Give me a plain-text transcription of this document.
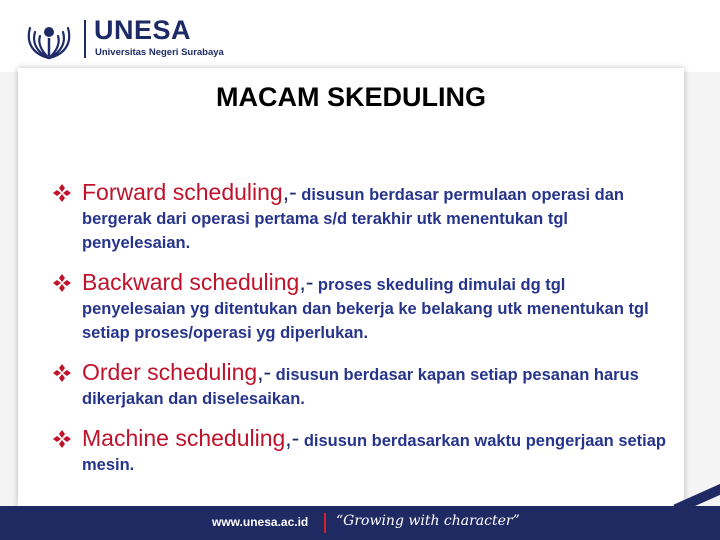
UNESA
Universitas Negeri Surabaya
MACAM SKEDULING
Forward scheduling,- disusun berdasar permulaan operasi dan bergerak dari operasi pertama s/d terakhir utk menentukan tgl penyelesaian.
Backward scheduling,- proses skeduling dimulai dg tgl penyelesaian yg ditentukan dan bekerja ke belakang utk menentukan tgl setiap proses/operasi yg diperlukan.
Order scheduling,- disusun berdasar kapan setiap pesanan harus dikerjakan dan diselesaikan.
Machine scheduling,- disusun berdasarkan waktu pengerjaan setiap mesin.
www.unesa.ac.id “Growing with character”
